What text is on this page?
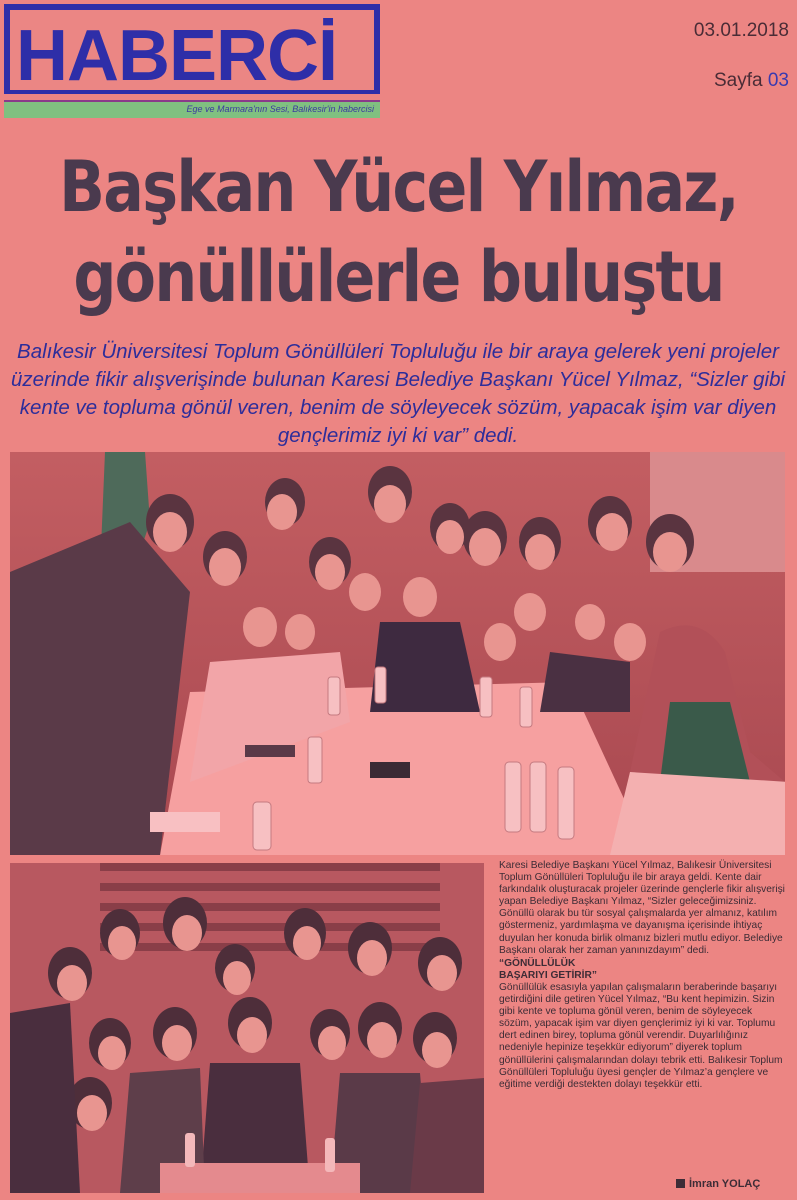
HABERCİ
Ege ve Marmara'nın Sesi, Balıkesir'in habercisi
03.01.2018
Sayfa 03
Başkan Yücel Yılmaz,
gönüllülerle buluştu
Balıkesir Üniversitesi Toplum Gönüllüleri Topluluğu ile bir araya gelerek yeni projeler üzerinde fikir alışverişinde bulunan Karesi Belediye Başkanı Yücel Yılmaz, “Sizler gibi kente ve topluma gönül veren, benim de söyleyecek sözüm, yapacak işim var diyen gençlerimiz iyi ki var” dedi.

Karesi Belediye Başkanı Yücel Yılmaz, Balıkesir Üniversitesi Toplum Gönüllüleri Topluluğu ile bir araya geldi. Kente dair farkındalık oluşturacak projeler üzerinde gençlerle fikir alışverişi yapan Belediye Başkanı Yılmaz, “Sizler geleceğimizsiniz. Gönüllü olarak bu tür sosyal çalışmalarda yer almanız, katılım göstermeniz, yardımlaşma ve dayanışma içerisinde ihtiyaç duyulan her konuda birlik olmanız bizleri mutlu ediyor. Belediye Başkanı olarak her zaman yanınızdayım” dedi.

“GÖNÜLLÜLÜK
BAŞARIYI GETİRİR”

Gönüllülük esasıyla yapılan çalışmaların beraberinde başarıyı getirdiğini dile getiren Yücel Yılmaz, “Bu kent hepimizin. Sizin gibi kente ve topluma gönül veren, benim de söyleyecek sözüm, yapacak işim var diyen gençlerimiz iyi ki var. Toplumu dert edinen birey, topluma gönül verendir. Duyarlılığınız nedeniyle hepinize teşekkür ediyorum” diyerek toplum gönüllülerini çalışmalarından dolayı tebrik etti. Balıkesir Toplum Gönüllüleri Topluluğu üyesi gençler de Yılmaz’a gençlere ve eğitime verdiği destekten dolayı teşekkür etti.

İmran YOLAÇ
